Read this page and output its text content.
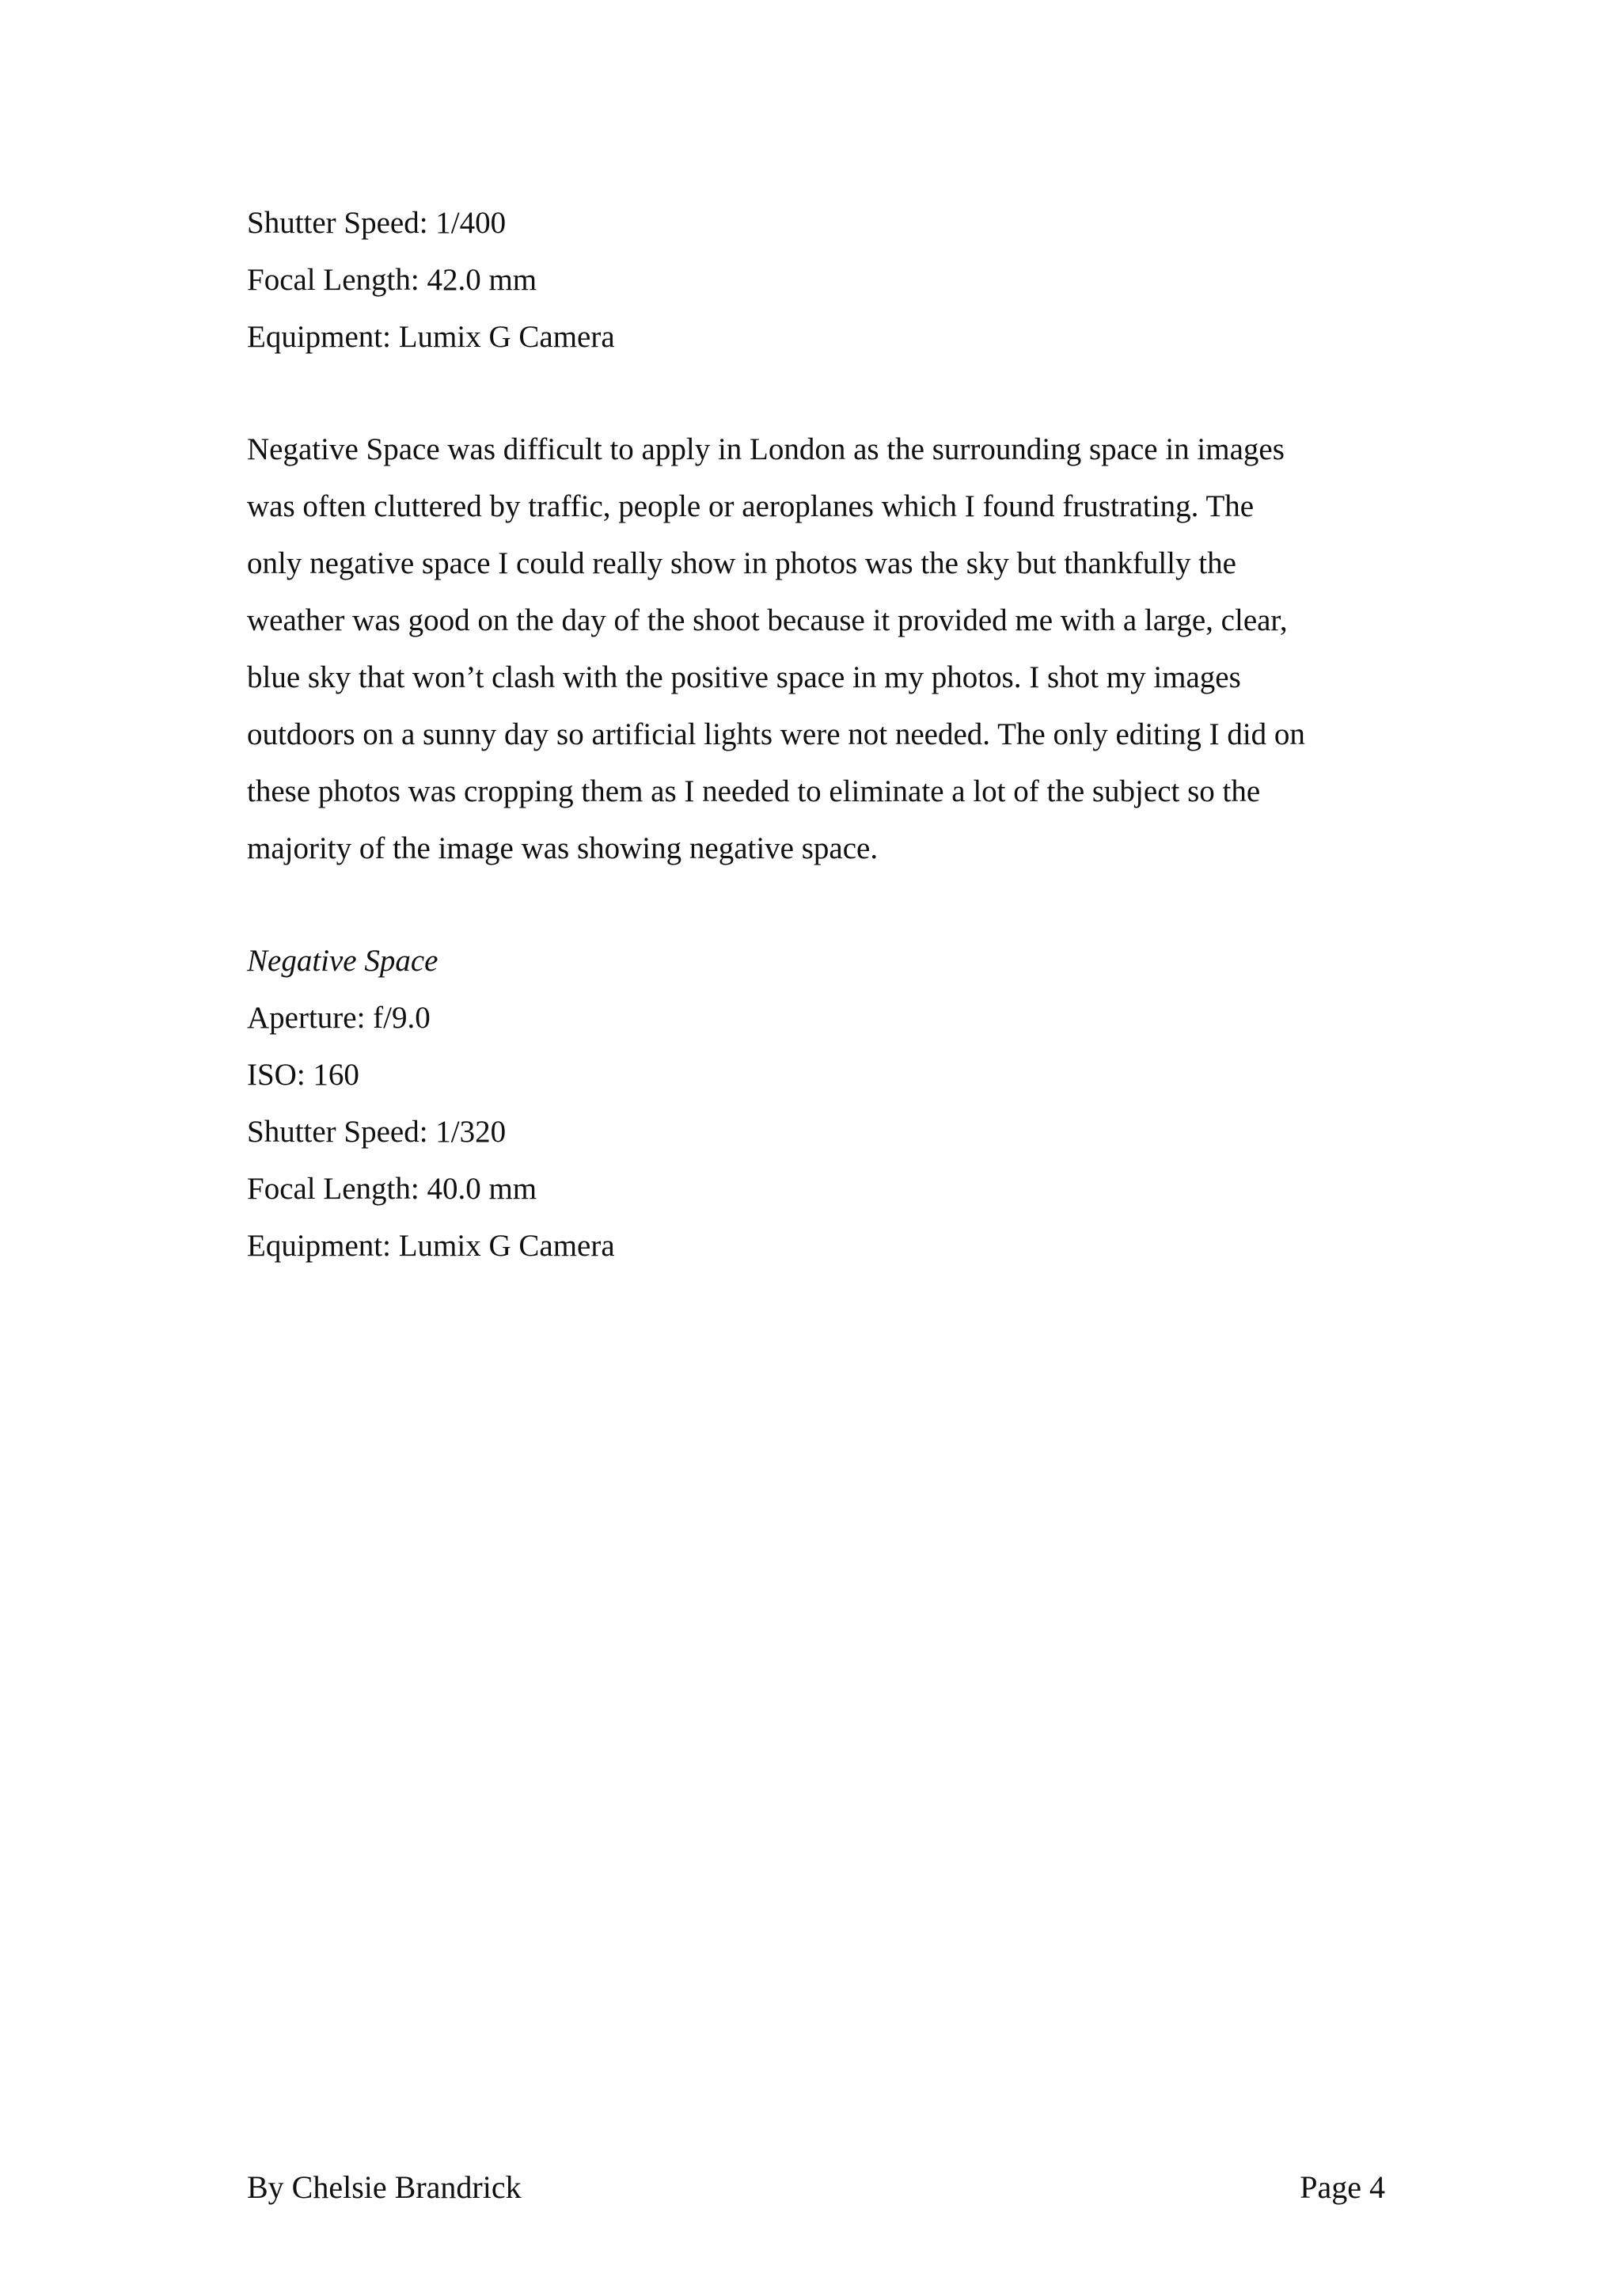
Shutter Speed: 1/400
Focal Length: 42.0 mm
Equipment: Lumix G Camera
Negative Space was difficult to apply in London as the surrounding space in images
was often cluttered by traffic, people or aeroplanes which I found frustrating. The
only negative space I could really show in photos was the sky but thankfully the
weather was good on the day of the shoot because it provided me with a large, clear,
blue sky that won’t clash with the positive space in my photos. I shot my images
outdoors on a sunny day so artificial lights were not needed. The only editing I did on
these photos was cropping them as I needed to eliminate a lot of the subject so the
majority of the image was showing negative space.
Negative Space
Aperture: f/9.0
ISO: 160
Shutter Speed: 1/320
Focal Length: 40.0 mm
Equipment: Lumix G Camera
By Chelsie Brandrick	Page 4
